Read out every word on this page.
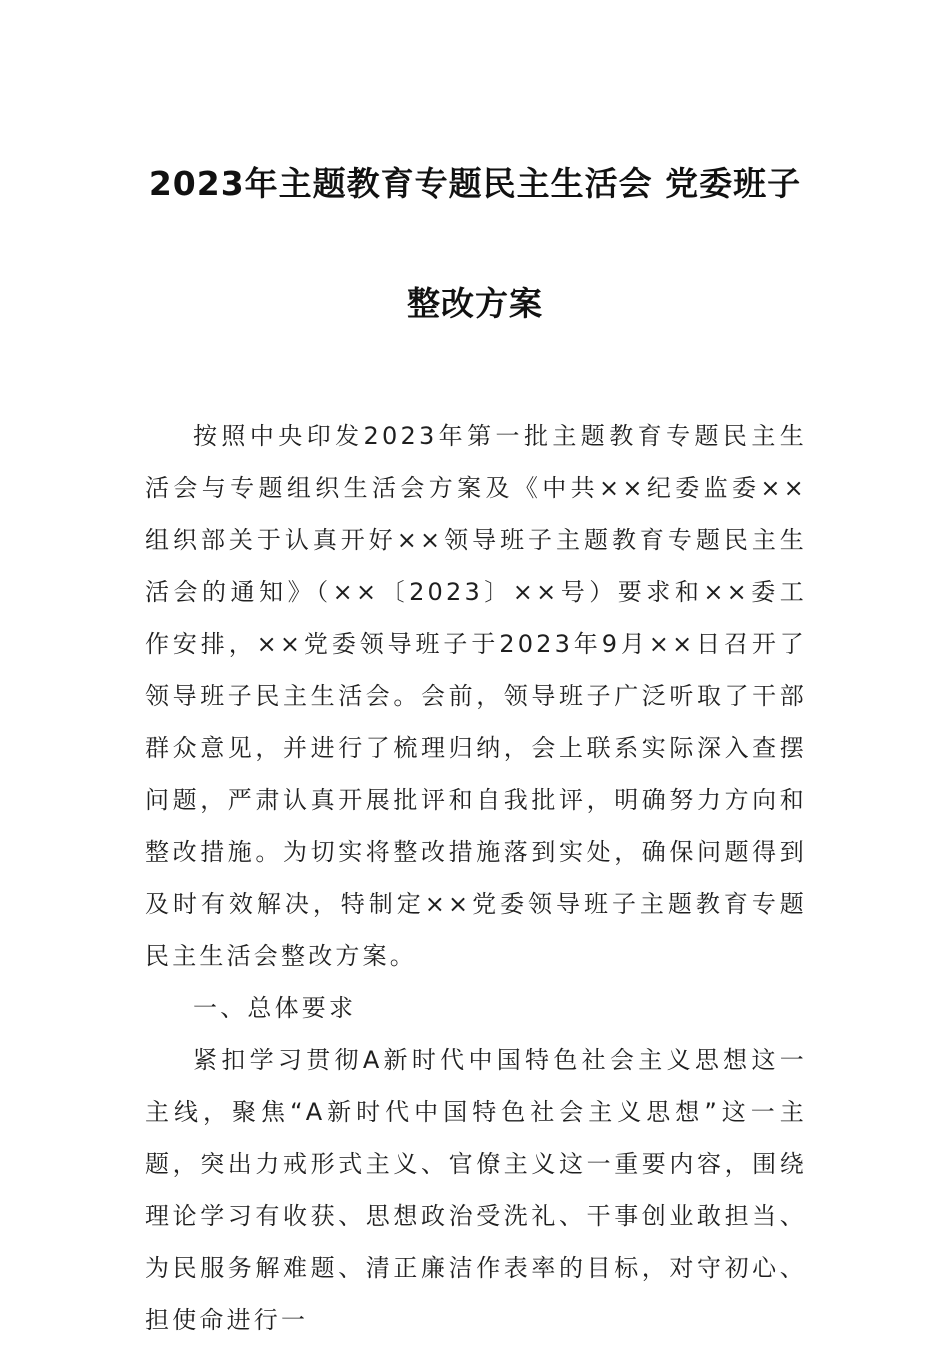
2023年主题教育专题民主生活会 党委班子
整改方案

按照中央印发2023年第一批主题教育专题民主生活会与专题组织生活会方案及《中共××纪委监委××组织部关于认真开好××领导班子主题教育专题民主生活会的通知》（××〔2023〕××号）要求和××委工作安排，××党委领导班子于2023年9月××日召开了领导班子民主生活会。会前，领导班子广泛听取了干部群众意见，并进行了梳理归纳，会上联系实际深入查摆问题，严肃认真开展批评和自我批评，明确努力方向和整改措施。为切实将整改措施落到实处，确保问题得到及时有效解决，特制定××党委领导班子主题教育专题民主生活会整改方案。

一、总体要求

紧扣学习贯彻A新时代中国特色社会主义思想这一主线，聚焦“A新时代中国特色社会主义思想”这一主题，突出力戒形式主义、官僚主义这一重要内容，围绕理论学习有收获、思想政治受洗礼、干事创业敢担当、为民服务解难题、清正廉洁作表率的目标，对守初心、担使命进行一
